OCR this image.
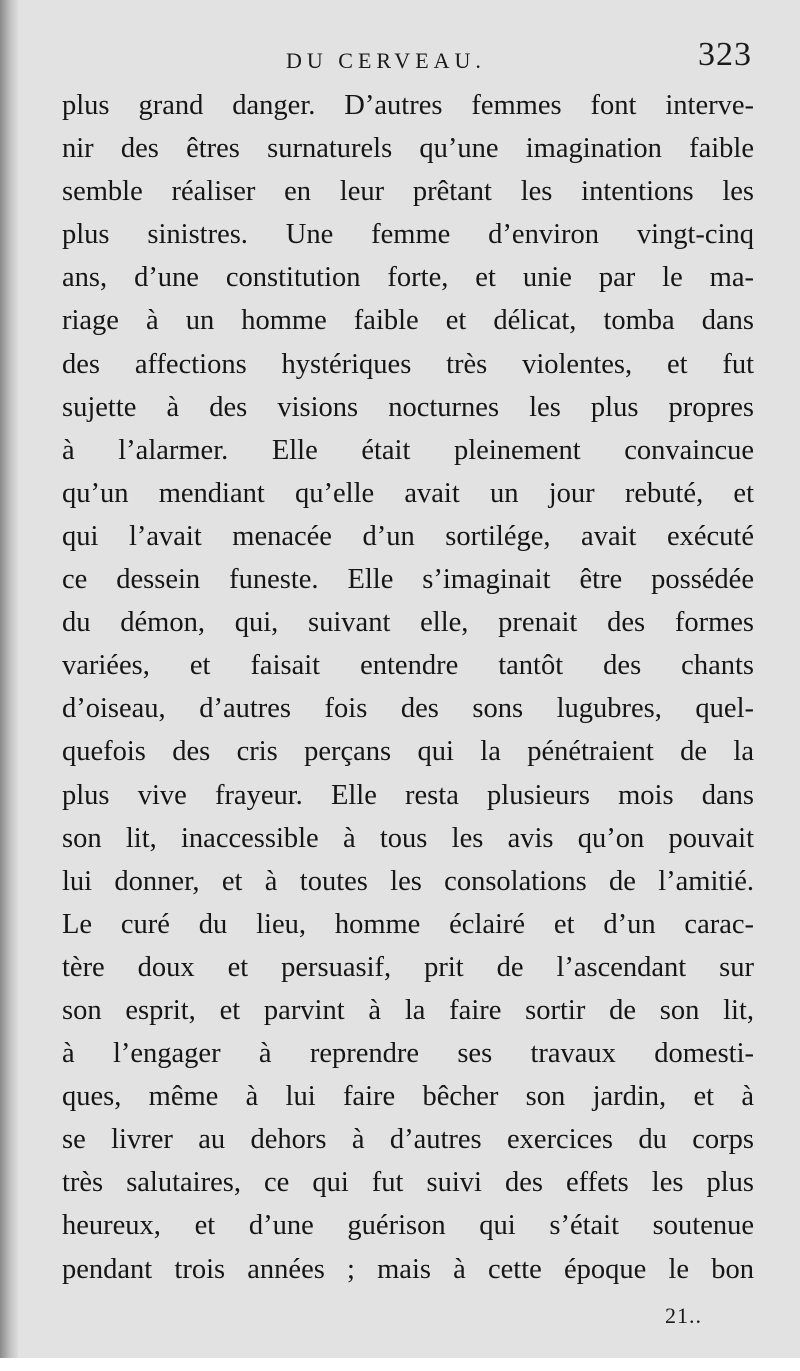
DU CERVEAU.	323
plus grand danger. D’autres femmes font interve-
nir des êtres surnaturels qu’une imagination faible
semble réaliser en leur prêtant les intentions les
plus sinistres. Une femme d’environ vingt-cinq
ans, d’une constitution forte, et unie par le ma-
riage à un homme faible et délicat, tomba dans
des affections hystériques très violentes, et fut
sujette à des visions nocturnes les plus propres
à l’alarmer. Elle était pleinement convaincue
qu’un mendiant qu’elle avait un jour rebuté, et
qui l’avait menacée d’un sortilége, avait exécuté
ce dessein funeste. Elle s’imaginait être possédée
du démon, qui, suivant elle, prenait des formes
variées, et faisait entendre tantôt des chants
d’oiseau, d’autres fois des sons lugubres, quel-
quefois des cris perçans qui la pénétraient de la
plus vive frayeur. Elle resta plusieurs mois dans
son lit, inaccessible à tous les avis qu’on pouvait
lui donner, et à toutes les consolations de l’amitié.
Le curé du lieu, homme éclairé et d’un carac-
tère doux et persuasif, prit de l’ascendant sur
son esprit, et parvint à la faire sortir de son lit,
à l’engager à reprendre ses travaux domesti-
ques, même à lui faire bêcher son jardin, et à
se livrer au dehors à d’autres exercices du corps
très salutaires, ce qui fut suivi des effets les plus
heureux, et d’une guérison qui s’était soutenue
pendant trois années ; mais à cette époque le bon
21..
